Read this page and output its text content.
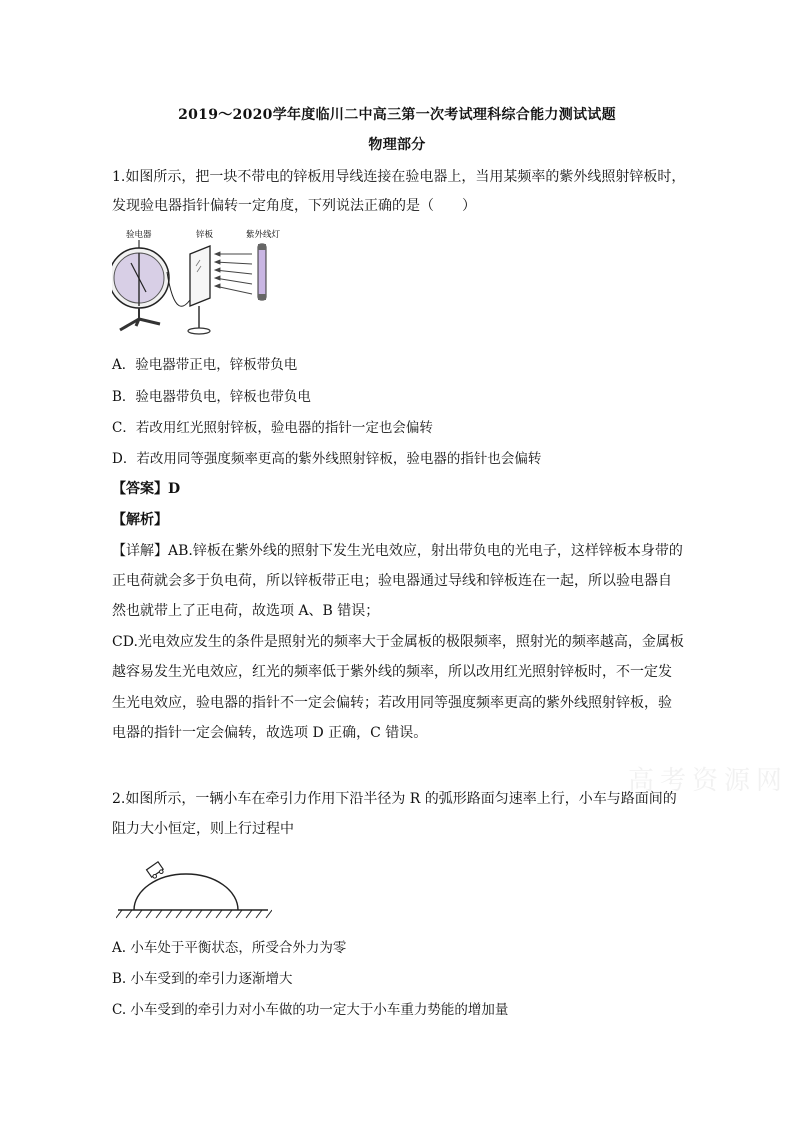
2019～2020学年度临川二中高三第一次考试理科综合能力测试试题
物理部分
1.如图所示，把一块不带电的锌板用导线连接在验电器上，当用某频率的紫外线照射锌板时，
发现验电器指针偏转一定角度，下列说法正确的是（　　）
验电器	锌板	紫外线灯
A．验电器带正电，锌板带负电
B．验电器带负电，锌板也带负电
C．若改用红光照射锌板，验电器的指针一定也会偏转
D．若改用同等强度频率更高的紫外线照射锌板，验电器的指针也会偏转
【答案】D
【解析】
【详解】AB.锌板在紫外线的照射下发生光电效应，射出带负电的光电子，这样锌板本身带的
正电荷就会多于负电荷，所以锌板带正电；验电器通过导线和锌板连在一起，所以验电器自
然也就带上了正电荷，故选项 A、B 错误；
CD.光电效应发生的条件是照射光的频率大于金属板的极限频率，照射光的频率越高，金属板
越容易发生光电效应，红光的频率低于紫外线的频率，所以改用红光照射锌板时，不一定发
生光电效应，验电器的指针不一定会偏转；若改用同等强度频率更高的紫外线照射锌板，验
电器的指针一定会偏转，故选项 D 正确，C 错误。
高考资源网
2.如图所示，一辆小车在牵引力作用下沿半径为 R 的弧形路面匀速率上行，小车与路面间的
阻力大小恒定，则上行过程中
A. 小车处于平衡状态，所受合外力为零
B. 小车受到的牵引力逐渐增大
C. 小车受到的牵引力对小车做的功一定大于小车重力势能的增加量
